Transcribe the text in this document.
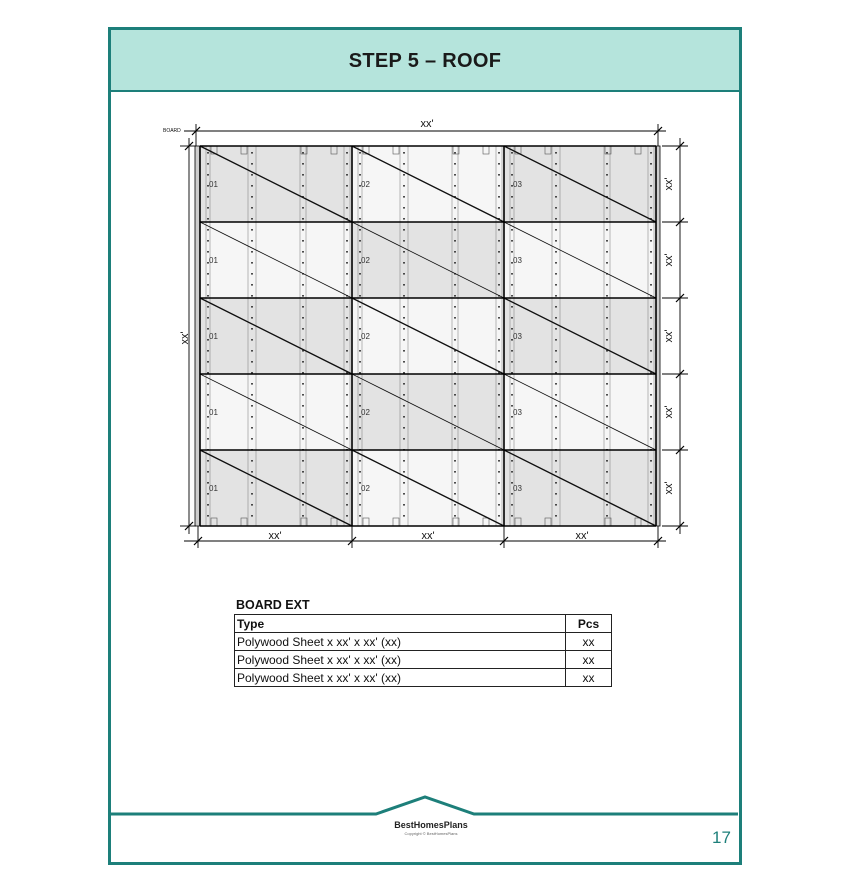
STEP 5 – ROOF
01	02	03
01	02	03
01	02	03
01	02	03
01	02	03
xx'
BOARD
xx'	xx'	xx'
xx'
xx'
xx'
xx'
xx'
xx'
BOARD EXT
Type	Pcs
Polywood Sheet x xx' x xx' (xx)	xx
Polywood Sheet x xx' x xx' (xx)	xx
Polywood Sheet x xx' x xx' (xx)	xx
BestHomesPlans
Copyright © BestHomesPlans	17
